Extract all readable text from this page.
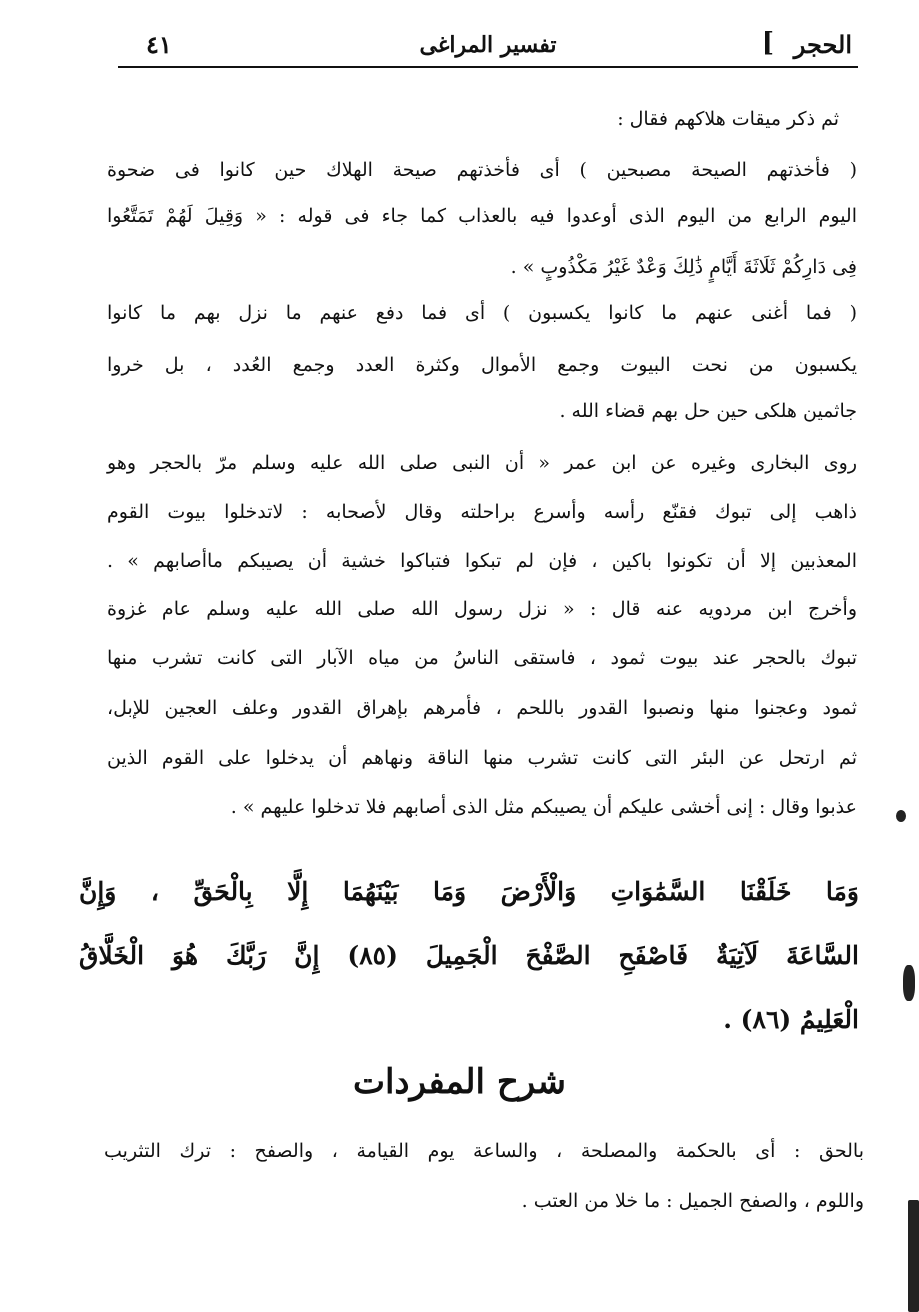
الحجر
]
تفسير المراغى
٤١
ثم ذكر ميقات هلاكهم فقال :
( فأخذتهم الصيحة مصبحين ) أى فأخذتهم صيحة الهلاك حين كانوا فى ضحوة
اليوم الرابع من اليوم الذى أوعدوا فيه بالعذاب كما جاء فى قوله : « وَقِيلَ لَهُمْ تَمَتَّعُوا
فِى دَارِكُمْ ثَلَاثَةَ أَيَّامٍ ذَٰلِكَ وَعْدٌ غَيْرُ مَكْذُوبٍ » .
( فما أغنى عنهم ما كانوا يكسبون ) أى فما دفع عنهم ما نزل بهم ما كانوا
يكسبون من نحت البيوت وجمع الأموال وكثرة العدد وجمع العُدد ، بل خروا
جاثمين هلكى حين حل بهم قضاء الله .
روى البخارى وغيره عن ابن عمر « أن النبى صلى الله عليه وسلم مرّ بالحجر وهو
ذاهب إلى تبوك فقنّع رأسه وأسرع براحلته وقال لأصحابه : لاتدخلوا بيوت القوم
المعذبين إلا أن تكونوا باكين ، فإن لم تبكوا فتباكوا خشية أن يصيبكم ماأصابهم » .
وأخرج ابن مردويه عنه قال : « نزل رسول الله صلى الله عليه وسلم عام غزوة
تبوك بالحجر عند بيوت ثمود ، فاستقى الناسُ من مياه الآبار التى كانت تشرب منها
ثمود وعجنوا منها ونصبوا القدور باللحم ، فأمرهم بإهراق القدور وعلف العجين للإبل،
ثم ارتحل عن البئر التى كانت تشرب منها الناقة ونهاهم أن يدخلوا على القوم الذين
عذبوا وقال : إنى أخشى عليكم أن يصيبكم مثل الذى أصابهم فلا تدخلوا عليهم » .
وَمَا خَلَقْنَا السَّمَٰوَاتِ وَالْأَرْضَ وَمَا بَيْنَهُمَا إِلَّا بِالْحَقِّ ، وَإِنَّ
السَّاعَةَ لَآتِيَةٌ فَاصْفَحِ الصَّفْحَ الْجَمِيلَ (٨٥) إِنَّ رَبَّكَ هُوَ الْخَلَّاقُ
الْعَلِيمُ (٨٦) .
شرح المفردات
بالحق : أى بالحكمة والمصلحة ، والساعة يوم القيامة ، والصفح : ترك التثريب
واللوم ، والصفح الجميل : ما خلا من العتب .
